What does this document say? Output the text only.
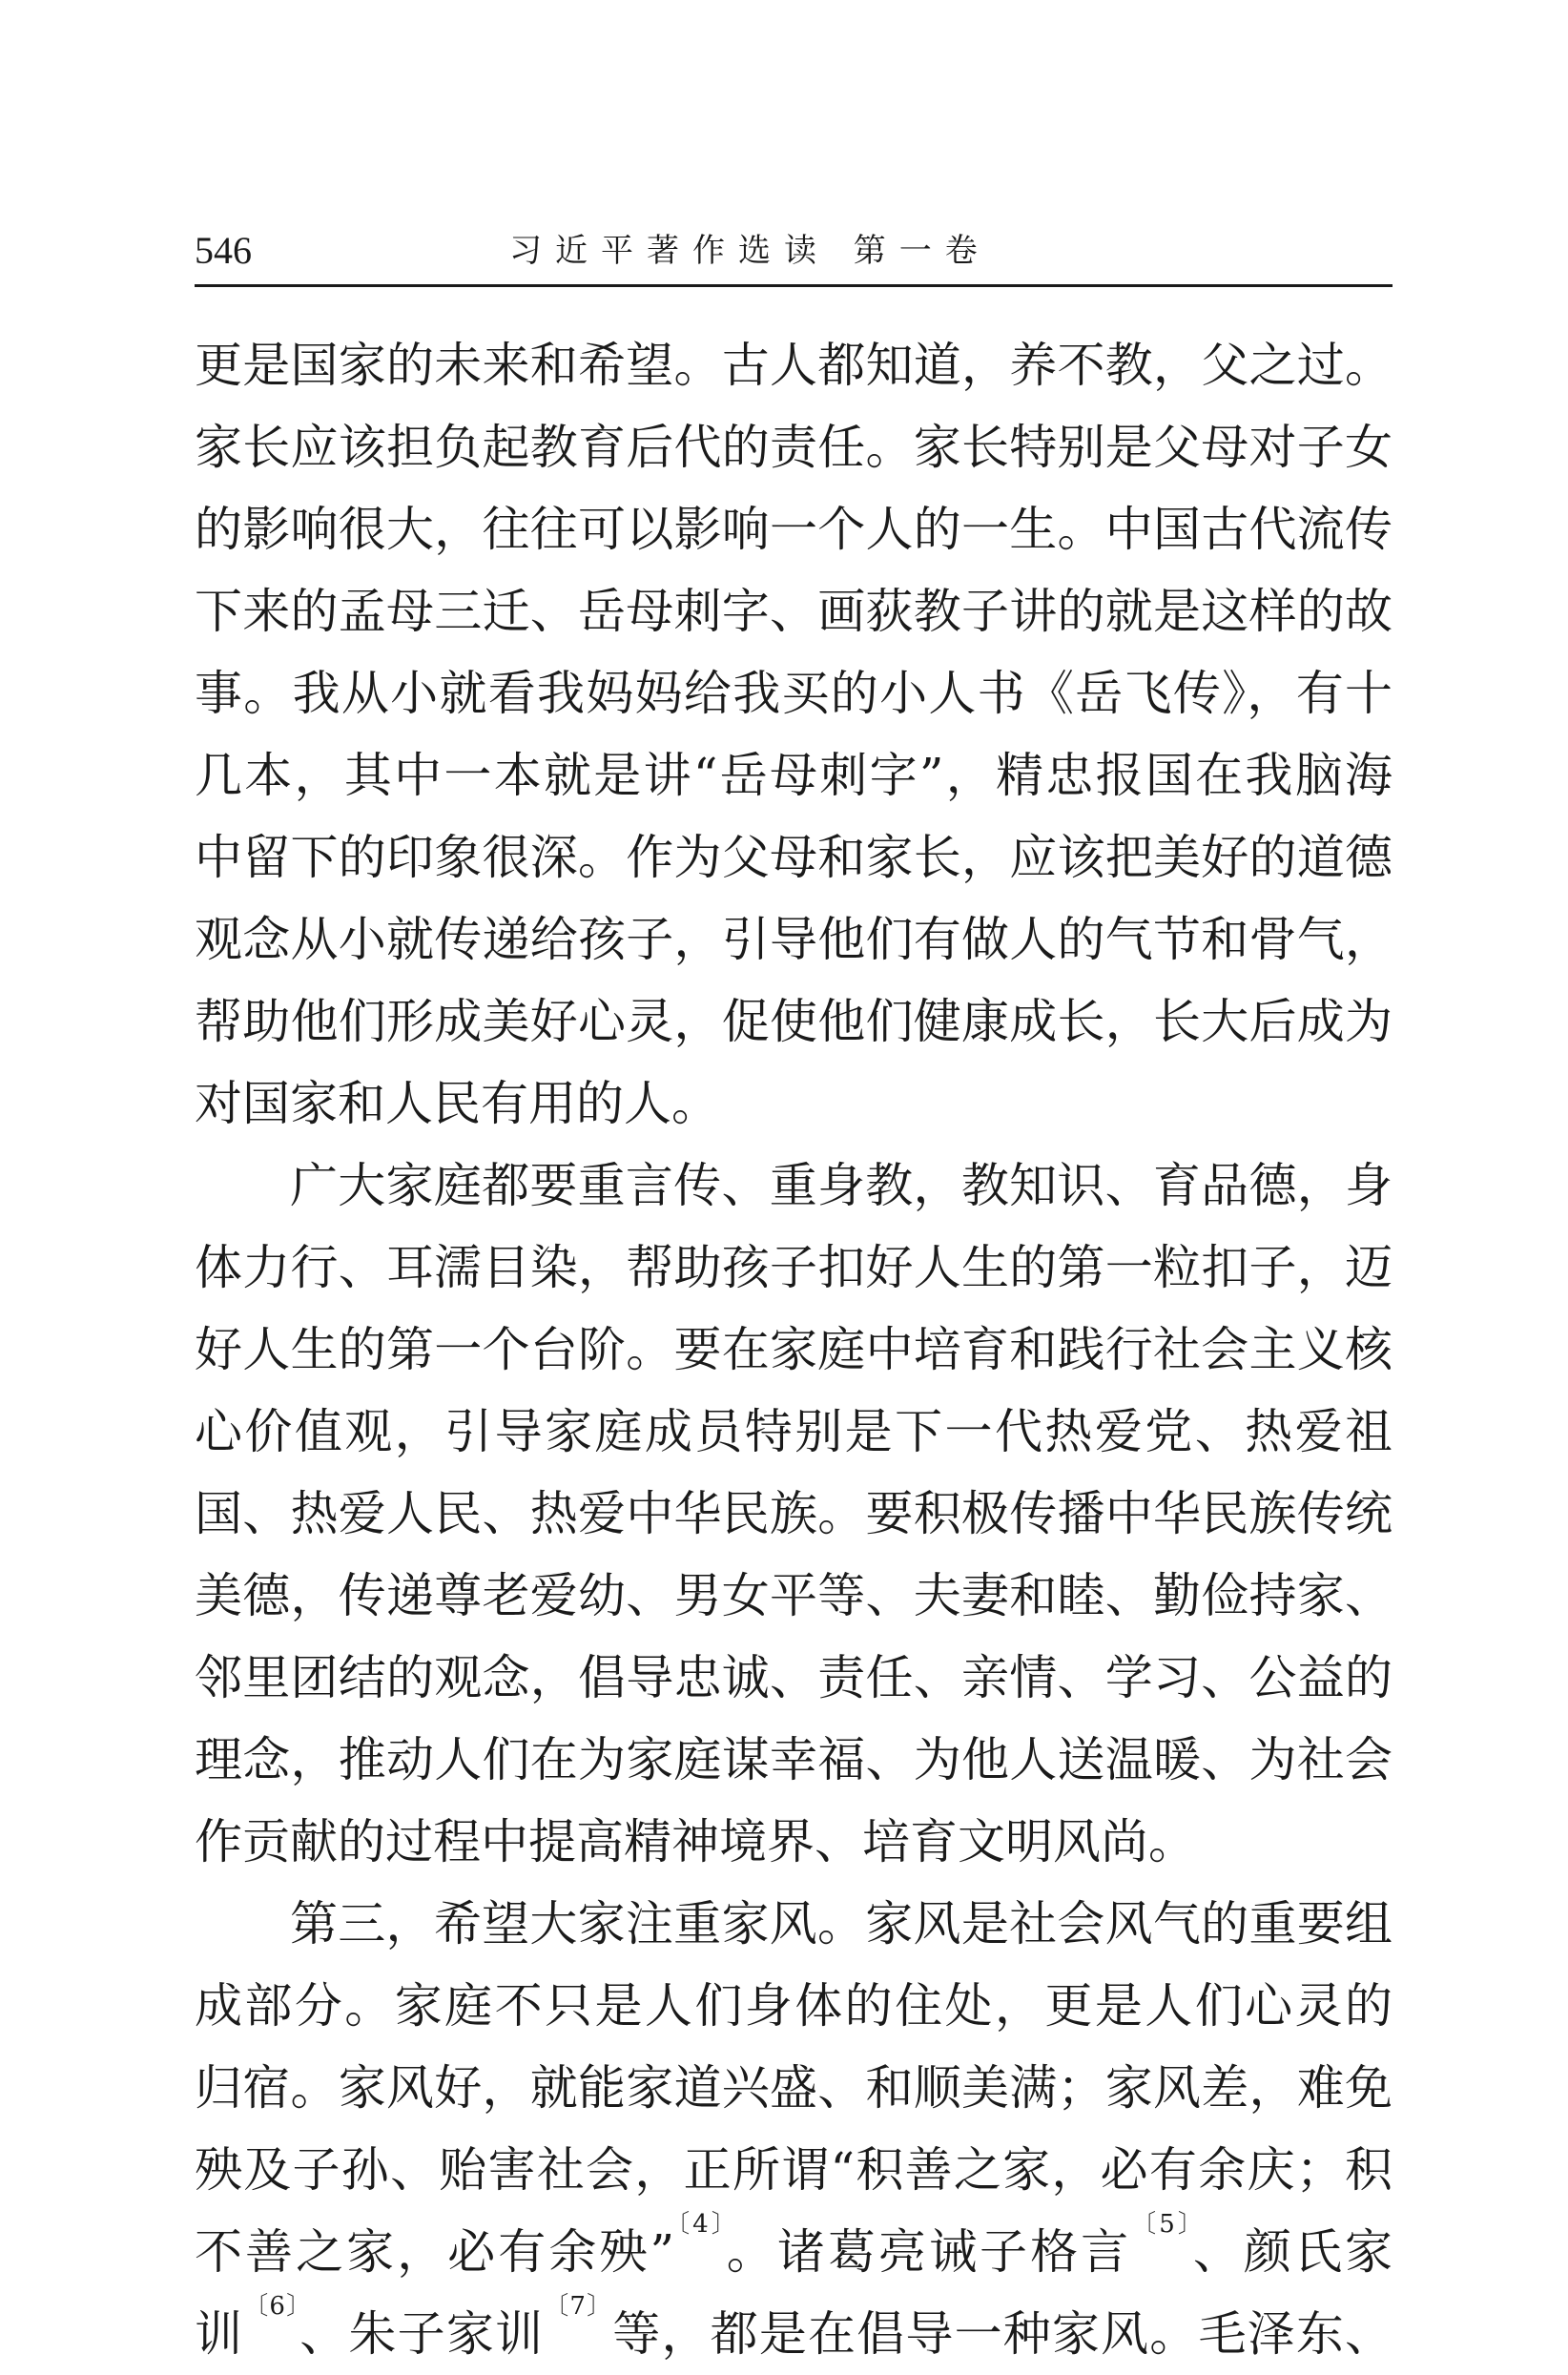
546	习近平著作选读 第一卷
更是国家的未来和希望。古人都知道，养不教，父之过。
家长应该担负起教育后代的责任。家长特别是父母对子女
的影响很大，往往可以影响一个人的一生。中国古代流传
下来的孟母三迁、岳母刺字、画荻教子讲的就是这样的故
事。我从小就看我妈妈给我买的小人书《岳飞传》，有十
几本，其中一本就是讲“岳母刺字”，精忠报国在我脑海
中留下的印象很深。作为父母和家长，应该把美好的道德
观念从小就传递给孩子，引导他们有做人的气节和骨气，
帮助他们形成美好心灵，促使他们健康成长，长大后成为
对国家和人民有用的人。
广大家庭都要重言传、重身教，教知识、育品德，身
体力行、耳濡目染，帮助孩子扣好人生的第一粒扣子，迈
好人生的第一个台阶。要在家庭中培育和践行社会主义核
心价值观，引导家庭成员特别是下一代热爱党、热爱祖
国、热爱人民、热爱中华民族。要积极传播中华民族传统
美德，传递尊老爱幼、男女平等、夫妻和睦、勤俭持家、
邻里团结的观念，倡导忠诚、责任、亲情、学习、公益的
理念，推动人们在为家庭谋幸福、为他人送温暖、为社会
作贡献的过程中提高精神境界、培育文明风尚。
第三，希望大家注重家风。家风是社会风气的重要组
成部分。家庭不只是人们身体的住处，更是人们心灵的
归宿。家风好，就能家道兴盛、和顺美满；家风差，难免
殃及子孙、贻害社会，正所谓“积善之家，必有余庆；积
不善之家，必有余殃”$^{〔4〕}$。诸葛亮诫子格言$^{〔5〕}$、颜氏家
训$^{〔6〕}$、朱子家训$^{〔7〕}$等，都是在倡导一种家风。毛泽东、
